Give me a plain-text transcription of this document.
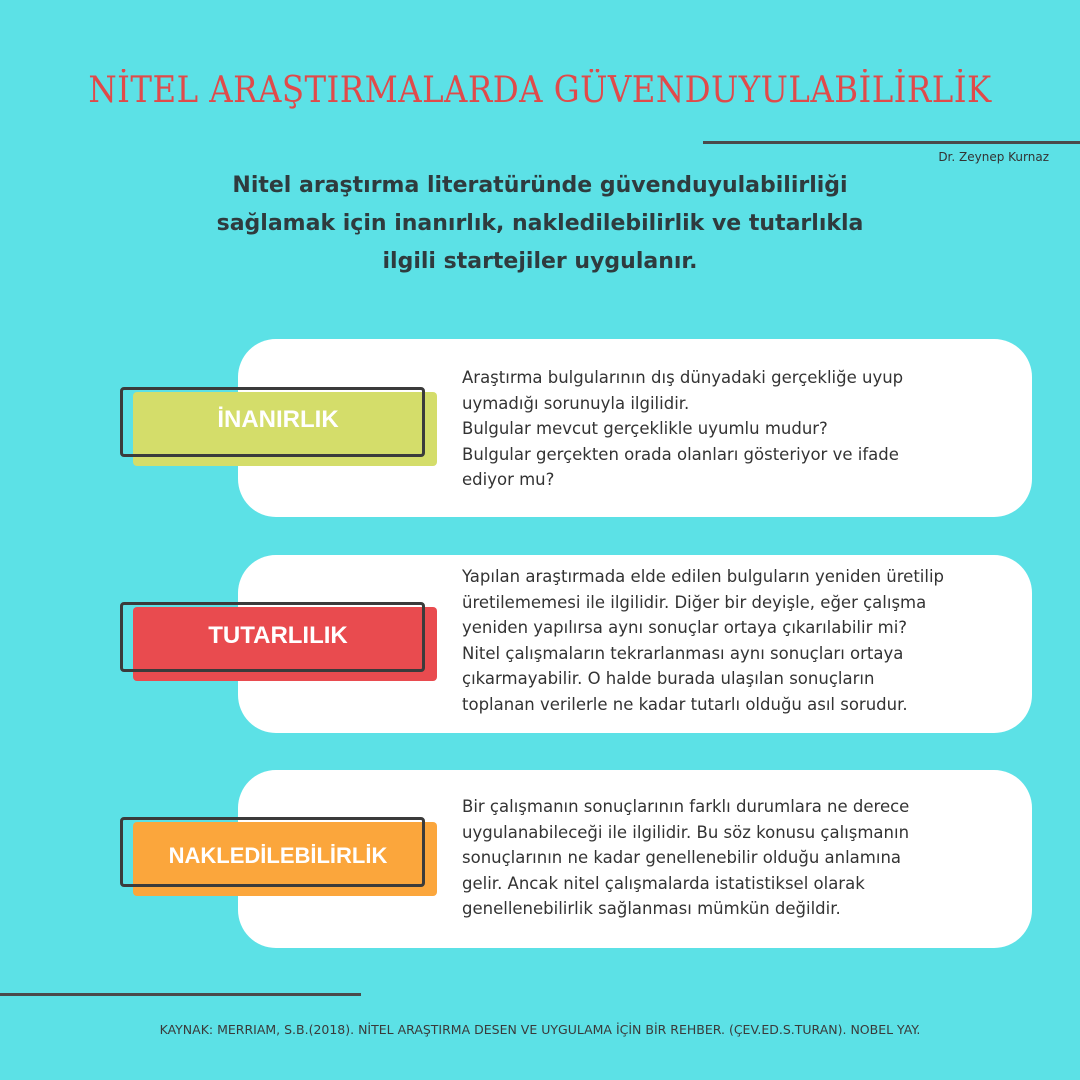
NİTEL ARAŞTIRMALARDA GÜVENDUYULABİLİRLİK
Dr. Zeynep Kurnaz
Nitel araştırma literatüründe güvenduyulabilirliği
sağlamak için inanırlık, nakledilebilirlik ve tutarlıkla
ilgili startejiler uygulanır.
İNANIRLIK
Araştırma bulgularının dış dünyadaki gerçekliğe uyup
uymadığı sorunuyla ilgilidir.
Bulgular mevcut gerçeklikle uyumlu mudur?
Bulgular gerçekten orada olanları gösteriyor ve ifade
ediyor mu?
TUTARLILIK
Yapılan araştırmada elde edilen bulguların yeniden üretilip
üretilememesi ile ilgilidir. Diğer bir deyişle, eğer çalışma
yeniden yapılırsa aynı sonuçlar ortaya çıkarılabilir mi?
Nitel çalışmaların tekrarlanması aynı sonuçları ortaya
çıkarmayabilir. O halde burada ulaşılan sonuçların
toplanan verilerle ne kadar tutarlı olduğu asıl sorudur.
NAKLEDİLEBİLİRLİK
Bir çalışmanın sonuçlarının farklı durumlara ne derece
uygulanabileceği ile ilgilidir. Bu söz konusu çalışmanın
sonuçlarının ne kadar genellenebilir olduğu anlamına
gelir. Ancak nitel çalışmalarda istatistiksel olarak
genellenebilirlik sağlanması mümkün değildir.
KAYNAK: MERRIAM, S.B.(2018). NİTEL ARAŞTIRMA DESEN VE UYGULAMA İÇİN BİR REHBER. (ÇEV.ED.S.TURAN). NOBEL YAY.
